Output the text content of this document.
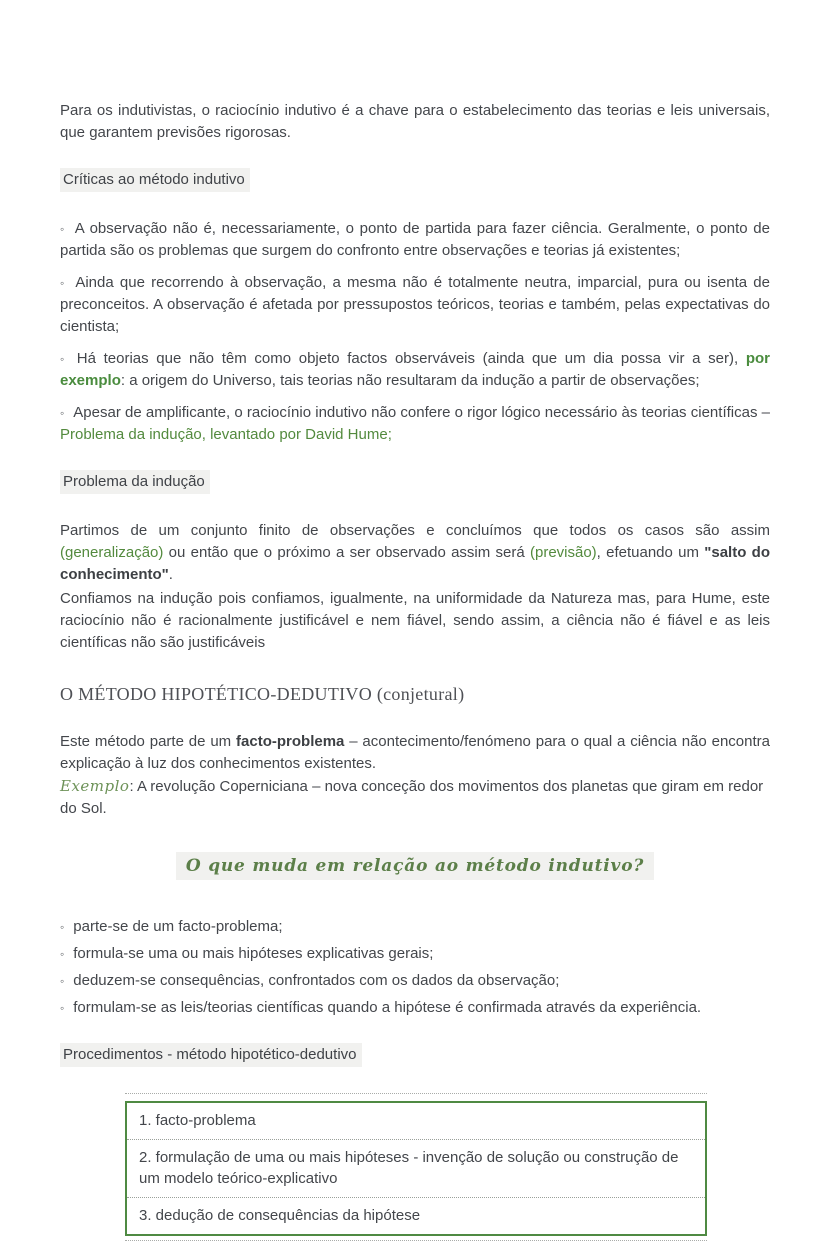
Para os indutivistas, o raciocínio indutivo é a chave para o estabelecimento das teorias e leis universais, que garantem previsões rigorosas.

Críticas ao método indutivo
◦ A observação não é, necessariamente, o ponto de partida para fazer ciência. Geralmente, o ponto de partida são os problemas que surgem do confronto entre observações e teorias já existentes;
◦ Ainda que recorrendo à observação, a mesma não é totalmente neutra, imparcial, pura ou isenta de preconceitos. A observação é afetada por pressupostos teóricos, teorias e também, pelas expectativas do cientista;
◦ Há teorias que não têm como objeto factos observáveis (ainda que um dia possa vir a ser), por exemplo: a origem do Universo, tais teorias não resultaram da indução a partir de observações;
◦ Apesar de amplificante, o raciocínio indutivo não confere o rigor lógico necessário às teorias científicas – Problema da indução, levantado por David Hume;
Problema da indução

Partimos de um conjunto finito de observações e concluímos que todos os casos são assim (generalização) ou então que o próximo a ser observado assim será (previsão), efetuando um "salto do conhecimento".

Confiamos na indução pois confiamos, igualmente, na uniformidade da Natureza mas, para Hume, este raciocínio não é racionalmente justificável e nem fiável, sendo assim, a ciência não é fiável e as leis científicas não são justificáveis

O MÉTODO HIPOTÉTICO-DEDUTIVO (conjetural)

Este método parte de um facto-problema – acontecimento/fenómeno para o qual a ciência não encontra explicação à luz dos conhecimentos existentes.

Exemplo: A revolução Coperniciana – nova conceção dos movimentos dos planetas que giram em redor do Sol.

O que muda em relação ao método indutivo?
◦ parte-se de um facto-problema;
◦ formula-se uma ou mais hipóteses explicativas gerais;
◦ deduzem-se consequências, confrontados com os dados da observação;
◦ formulam-se as leis/teorias científicas quando a hipótese é confirmada através da experiência.
Procedimentos - método hipotético-dedutivo
1. facto-problema
2. formulação de uma ou mais hipóteses - invenção de solução ou construção de um modelo teórico-explicativo
3. dedução de consequências da hipótese
